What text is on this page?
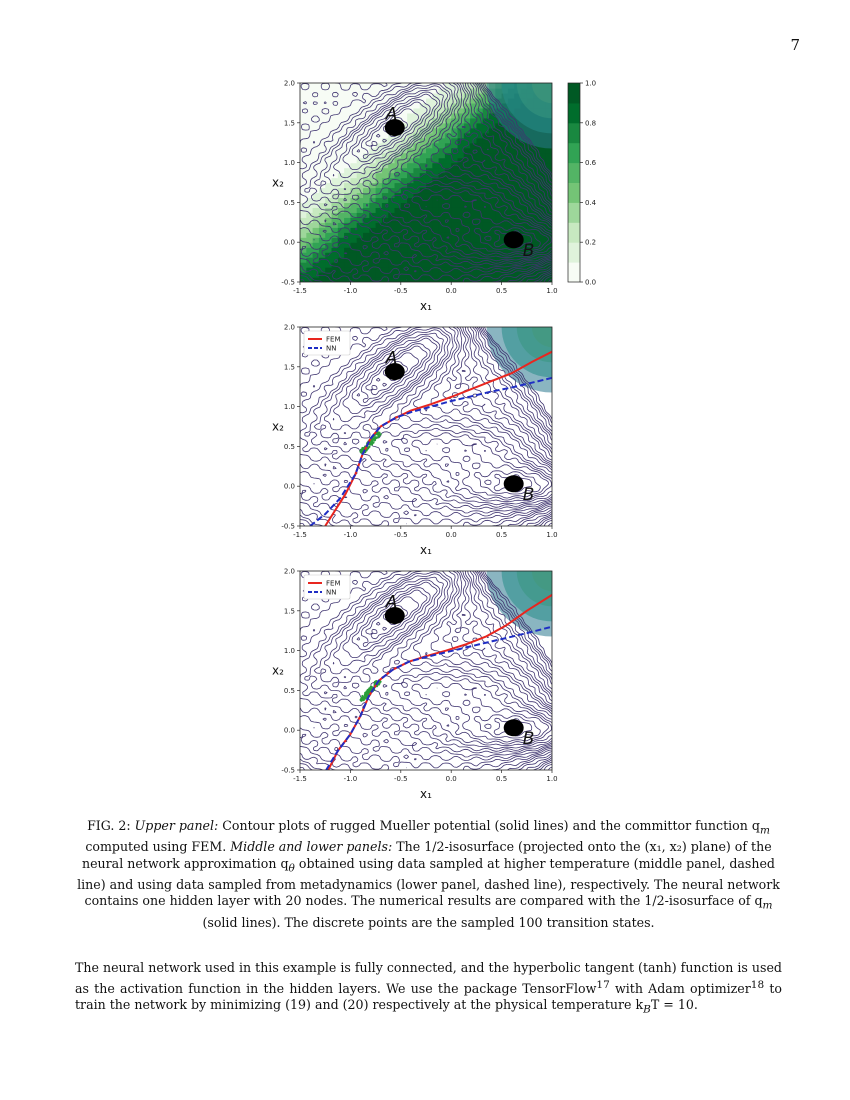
7
A
B
-1.5	-1.0	-0.5	0.0	0.5	1.0
-0.5
0.0
0.5
1.0
1.5
2.0
x₁
x₂
0.0
0.2
0.4
0.6
0.8
1.0
A
B
-1.5	-1.0	-0.5	0.0	0.5	1.0
-0.5
0.0
0.5
1.0
1.5
2.0
x₁
x₂
FEM
NN
A
B
-1.5	-1.0	-0.5	0.0	0.5	1.0
-0.5
0.0
0.5
1.0
1.5
2.0
x₁
x₂
FEM
NN
FIG. 2: Upper panel: Contour plots of rugged Mueller potential (solid lines) and the committor function $q_m$ computed using FEM. Middle and lower panels: The 1/2-isosurface (projected onto the (x₁, x₂) plane) of the neural network approximation $q_\theta$ obtained using data sampled at higher temperature (middle panel, dashed line) and using data sampled from metadynamics (lower panel, dashed line), respectively. The neural network contains one hidden layer with 20 nodes. The numerical results are compared with the 1/2-isosurface of $q_m$ (solid lines). The discrete points are the sampled 100 transition states.
The neural network used in this example is fully connected, and the hyperbolic tangent (tanh) function is used as the activation function in the hidden layers. We use the package TensorFlow$^{17}$ with Adam optimizer$^{18}$ to train the network by minimizing (19) and (20) respectively at the physical temperature $k_BT = 10$.
